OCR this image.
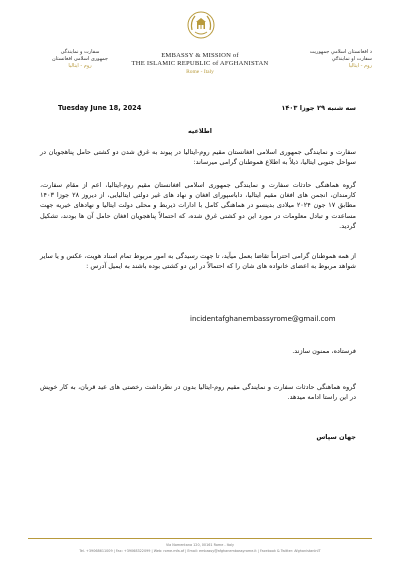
سفارت و نمایندگی
جمهوری اسلامی افغانستان
روم - ایتالیا
EMBASSY & MISSION of
THE ISLAMIC REPUBLIC of AFGHANISTAN
Rome - Italy
د افغانستان اسلامي جمهوریت
سفارت او نمایندګي
روم - ایتالیا
Tuesday June 18, 2024	سه شنبه ۲۹ جوزا ۱۴۰۳
اطلاعیه

سفارت و نمایندگی جمهوری اسلامی افغانستان مقیم روم-ایتالیا در پیوند به غرق شدن دو کشتی حامل پناهجویان در سواحل جنوبی ایتالیا، ذیلاً به اطلاع هموطنان گرامی میرساند:

گروه هماهنگی حادثات سفارت و نمایندگی جمهوری اسلامی افغانستان مقیم روم-ایتالیا، اعم از مقام سفارت، کارمندان، انجمن های افغان مقیم ایتالیا، داباسپورای افغان و نهاد های غیر دولتی ایتالیایی، از دیروز ۲۸ جوزا ۱۴۰۳ مطابق ۱۷ جون ۲۰۲۴ میلادی بدینسو در هماهنگی کامل با ادارات ذیربط و محلی دولت ایتالیا و نهادهای خیریه جهت مساعدت و تبادل معلومات در مورد این دو کشتی غرق شده، که احتمالاً پناهجویان افغان حامل آن ها بودند، تشکیل گردید.

از همه هموطنان گرامی احتراماً تقاضا بعمل میآید، تا جهت رسیدگی به امور مربوط تمام اسناد هویت، عکس و یا سایر شواهد مربوط به اعضای خانواده های شان را که احتمالاً در این دو کشتی بوده باشند به ایمیل آدرس :

incidentafghanembassyrome@gmail.com

فرستاده، ممنون سازند.

گروه هماهنگی حادثات سفارت و نمایندگی مقیم روم-ایتالیا بدون در نظرداشت رخصتی های عید قربان، به کار خویش در این راستا ادامه میدهد.

جهان سپاس

Via Nomentana 120, 00161 Rome - Italy
Tel. +39068611009 | Fax: +39068322099 | Web: rome.mfa.af | Email: embassy@afghanembassyrome.it | Facebook & Twitter: AfghanistanInIT
